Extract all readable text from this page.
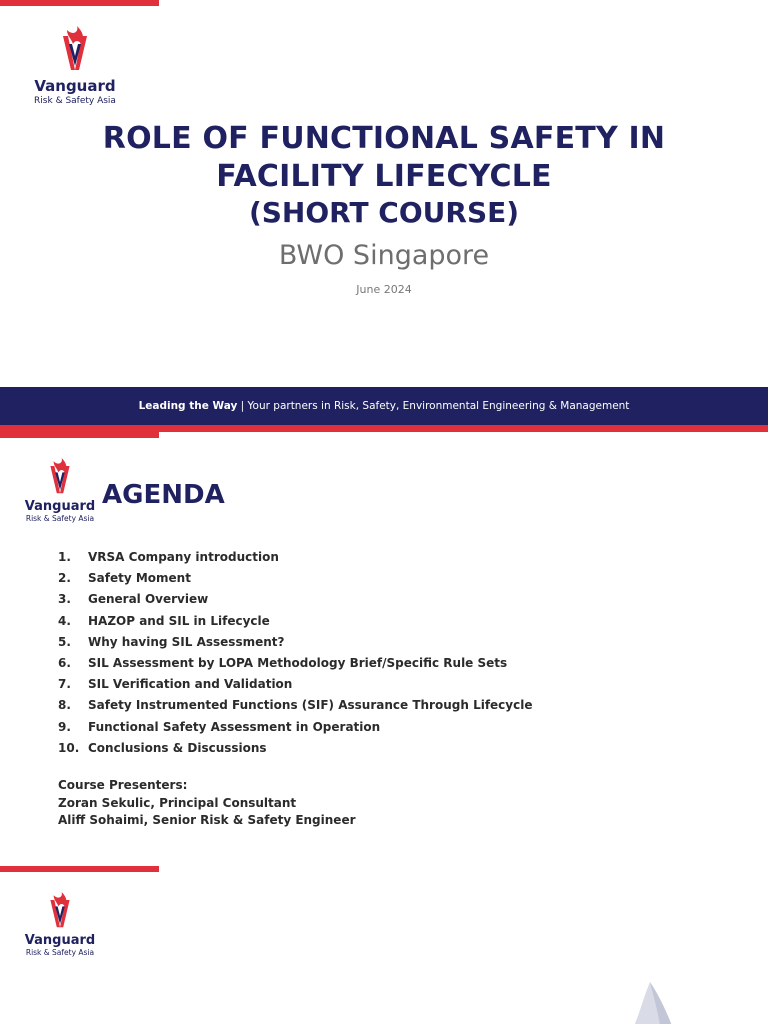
Vanguard
Risk & Safety Asia
ROLE OF FUNCTIONAL SAFETY IN
FACILITY LIFECYCLE
(SHORT COURSE)
BWO Singapore
June 2024
Leading the Way | Your partners in Risk, Safety, Environmental Engineering & Management
Vanguard
Risk & Safety Asia
AGENDA
1.	VRSA Company introduction
2.	Safety Moment
3.	General Overview
4.	HAZOP and SIL in Lifecycle
5.	Why having SIL Assessment?
6.	SIL Assessment by LOPA Methodology Brief/Specific Rule Sets
7.	SIL Verification and Validation
8.	Safety Instrumented Functions (SIF) Assurance Through Lifecycle
9.	Functional Safety Assessment in Operation
10. Conclusions & Discussions
Course Presenters:
Zoran Sekulic, Principal Consultant
Aliff Sohaimi, Senior Risk & Safety Engineer
Vanguard
Risk & Safety Asia
